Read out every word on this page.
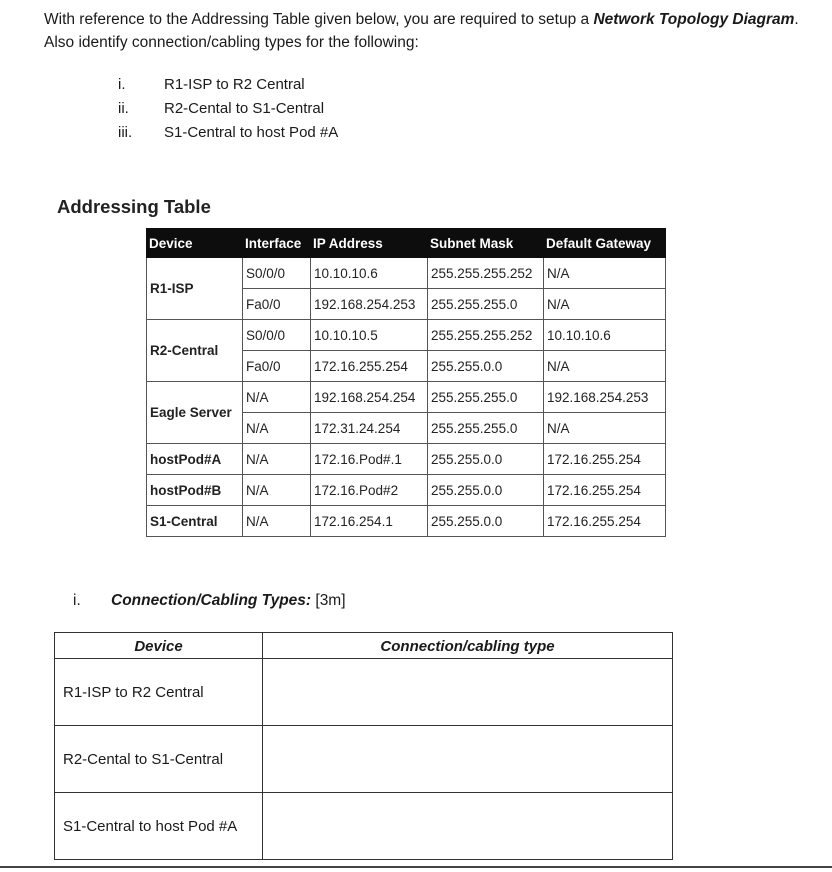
With reference to the Addressing Table given below, you are required to setup a Network Topology Diagram. Also identify connection/cabling types for the following:
i.	R1-ISP to R2 Central
ii.	R2-Cental to S1-Central
iii.	S1-Central to host Pod #A
Addressing Table
Device	Interface	IP Address	Subnet Mask	Default Gateway
R1-ISP	S0/0/0	10.10.10.6	255.255.255.252	N/A
	Fa0/0	192.168.254.253	255.255.255.0	N/A
R2-Central	S0/0/0	10.10.10.5	255.255.255.252	10.10.10.6
	Fa0/0	172.16.255.254	255.255.0.0	N/A
Eagle Server	N/A	192.168.254.254	255.255.255.0	192.168.254.253
	N/A	172.31.24.254	255.255.255.0	N/A
hostPod#A	N/A	172.16.Pod#.1	255.255.0.0	172.16.255.254
hostPod#B	N/A	172.16.Pod#2	255.255.0.0	172.16.255.254
S1-Central	N/A	172.16.254.1	255.255.0.0	172.16.255.254
i. Connection/Cabling Types: [3m]
Device	Connection/cabling type
R1-ISP to R2 Central	
R2-Cental to S1-Central	
S1-Central to host Pod #A	
